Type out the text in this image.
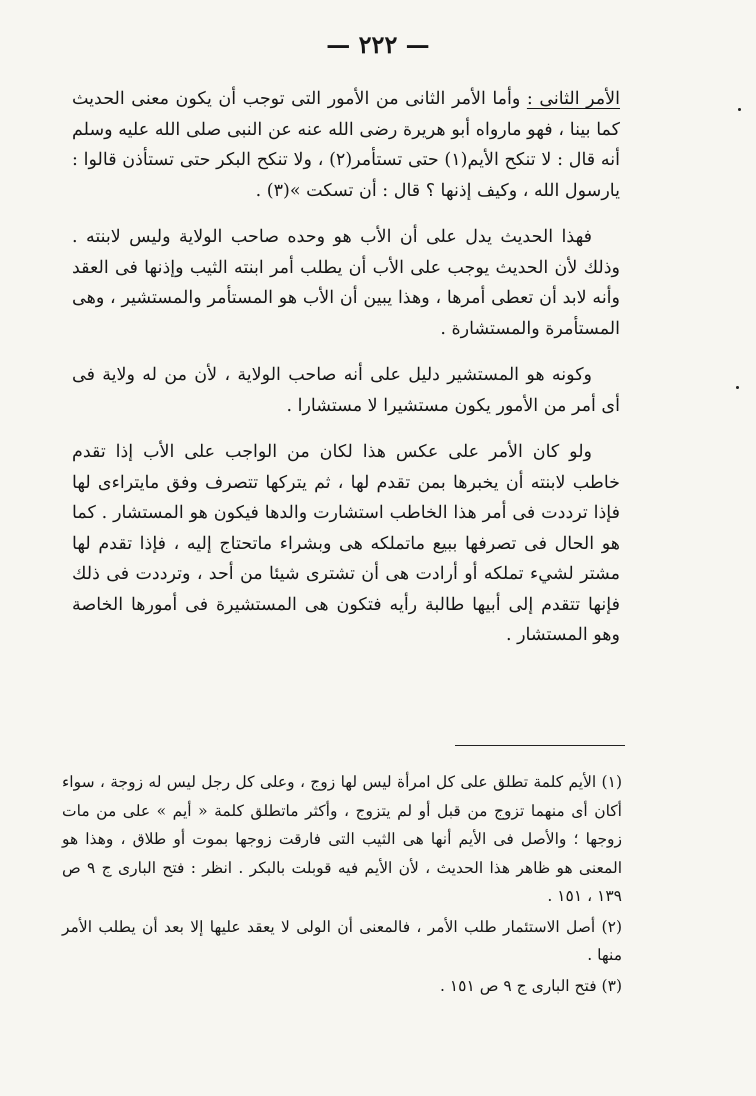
— ٢٢٢ —

الأمر الثانى : وأما الأمر الثانى من الأمور التى توجب أن يكون معنى الحديث كما بينا ، فهو مارواه أبو هريرة رضى الله عنه عن النبى صلى الله عليه وسلم أنه قال : لا تنكح الأيم(١) حتى تستأمر(٢) ، ولا تنكح البكر حتى تستأذن قالوا : يارسول الله ، وكيف إذنها ؟ قال : أن تسكت »(٣) .

فهذا الحديث يدل على أن الأب هو وحده صاحب الولاية وليس لابنته . وذلك لأن الحديث يوجب على الأب أن يطلب أمر ابنته الثيب وإذنها فى العقد وأنه لابد أن تعطى أمرها ، وهذا يبين أن الأب هو المستأمر والمستشير ، وهى المستأمرة والمستشارة .

وكونه هو المستشير دليل على أنه صاحب الولاية ، لأن من له ولاية فى أى أمر من الأمور يكون مستشيرا لا مستشارا .

ولو كان الأمر على عكس هذا لكان من الواجب على الأب إذا تقدم خاطب لابنته أن يخبرها بمن تقدم لها ، ثم يتركها تتصرف وفق مايتراءى لها فإذا ترددت فى أمر هذا الخاطب استشارت والدها فيكون هو المستشار . كما هو الحال فى تصرفها ببيع ماتملكه هى وبشراء ماتحتاج إليه ، فإذا تقدم لها مشتر لشيء تملكه أو أرادت هى أن تشترى شيئا من أحد ، وترددت فى ذلك فإنها تتقدم إلى أبيها طالبة رأيه فتكون هى المستشيرة فى أمورها الخاصة وهو المستشار .

(١) الأيم كلمة تطلق على كل امرأة ليس لها زوج ، وعلى كل رجل ليس له زوجة ، سواء أكان أى منهما تزوج من قبل أو لم يتزوج ، وأكثر ماتطلق كلمة « أيم » على من مات زوجها ؛ والأصل فى الأيم أنها هى الثيب التى فارقت زوجها بموت أو طلاق ، وهذا هو المعنى هو ظاهر هذا الحديث ، لأن الأيم فيه قوبلت بالبكر . انظر : فتح البارى ج ٩ ص ١٣٩ ، ١٥١ .

(٢) أصل الاستئمار طلب الأمر ، فالمعنى أن الولى لا يعقد عليها إلا بعد أن يطلب الأمر منها .

(٣) فتح البارى ج ٩ ص ١٥١ .
